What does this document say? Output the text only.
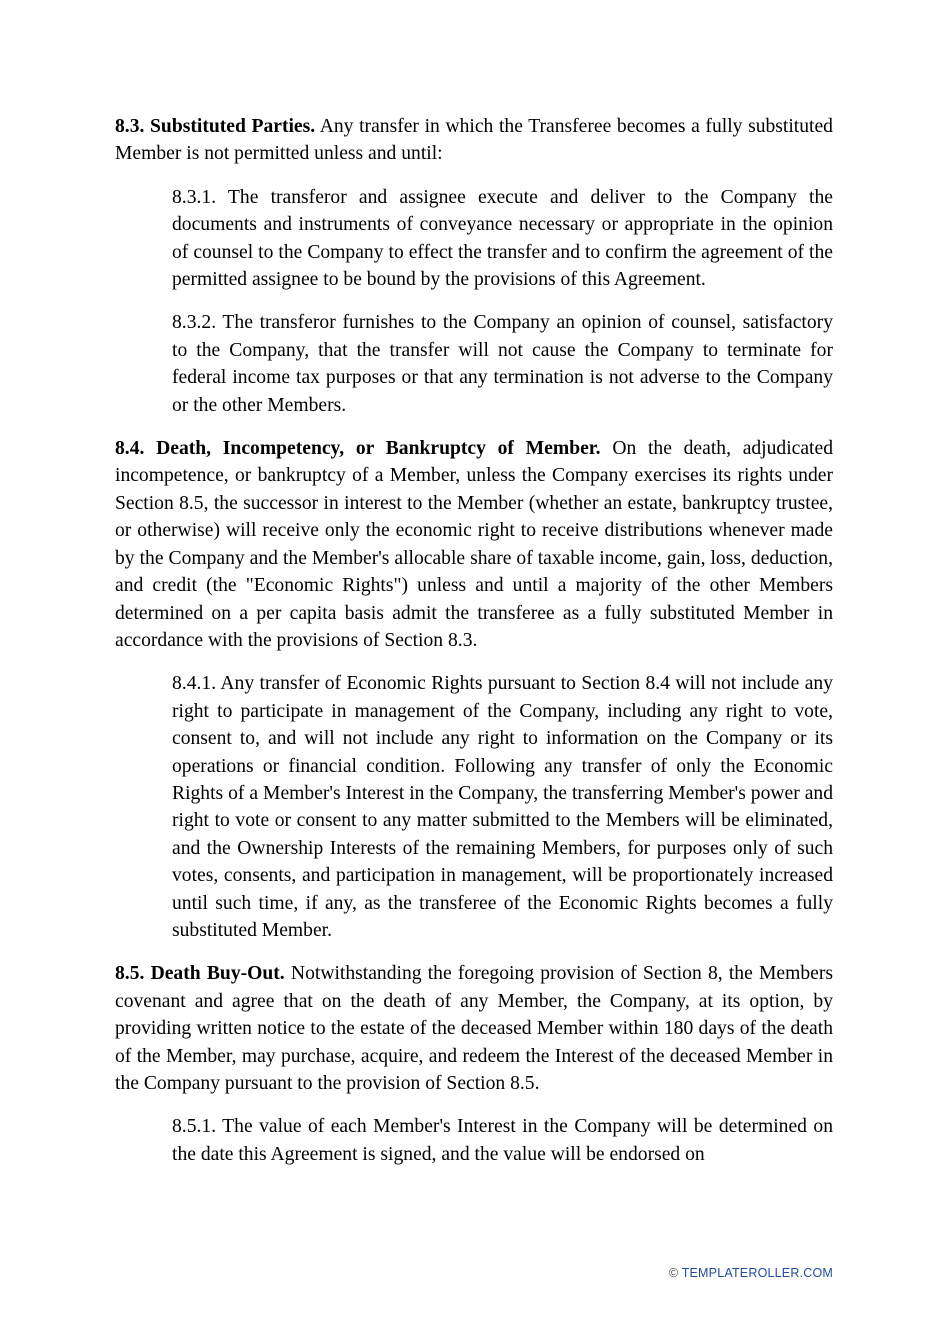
8.3. Substituted Parties. Any transfer in which the Transferee becomes a fully substituted Member is not permitted unless and until:

8.3.1. The transferor and assignee execute and deliver to the Company the documents and instruments of conveyance necessary or appropriate in the opinion of counsel to the Company to effect the transfer and to confirm the agreement of the permitted assignee to be bound by the provisions of this Agreement.

8.3.2. The transferor furnishes to the Company an opinion of counsel, satisfactory to the Company, that the transfer will not cause the Company to terminate for federal income tax purposes or that any termination is not adverse to the Company or the other Members.

8.4. Death, Incompetency, or Bankruptcy of Member. On the death, adjudicated incompetence, or bankruptcy of a Member, unless the Company exercises its rights under Section 8.5, the successor in interest to the Member (whether an estate, bankruptcy trustee, or otherwise) will receive only the economic right to receive distributions whenever made by the Company and the Member's allocable share of taxable income, gain, loss, deduction, and credit (the "Economic Rights") unless and until a majority of the other Members determined on a per capita basis admit the transferee as a fully substituted Member in accordance with the provisions of Section 8.3.

8.4.1. Any transfer of Economic Rights pursuant to Section 8.4 will not include any right to participate in management of the Company, including any right to vote, consent to, and will not include any right to information on the Company or its operations or financial condition. Following any transfer of only the Economic Rights of a Member's Interest in the Company, the transferring Member's power and right to vote or consent to any matter submitted to the Members will be eliminated, and the Ownership Interests of the remaining Members, for purposes only of such votes, consents, and participation in management, will be proportionately increased until such time, if any, as the transferee of the Economic Rights becomes a fully substituted Member.

8.5. Death Buy-Out. Notwithstanding the foregoing provision of Section 8, the Members covenant and agree that on the death of any Member, the Company, at its option, by providing written notice to the estate of the deceased Member within 180 days of the death of the Member, may purchase, acquire, and redeem the Interest of the deceased Member in the Company pursuant to the provision of Section 8.5.

8.5.1. The value of each Member's Interest in the Company will be determined on the date this Agreement is signed, and the value will be endorsed on

© TEMPLATEROLLER.COM
